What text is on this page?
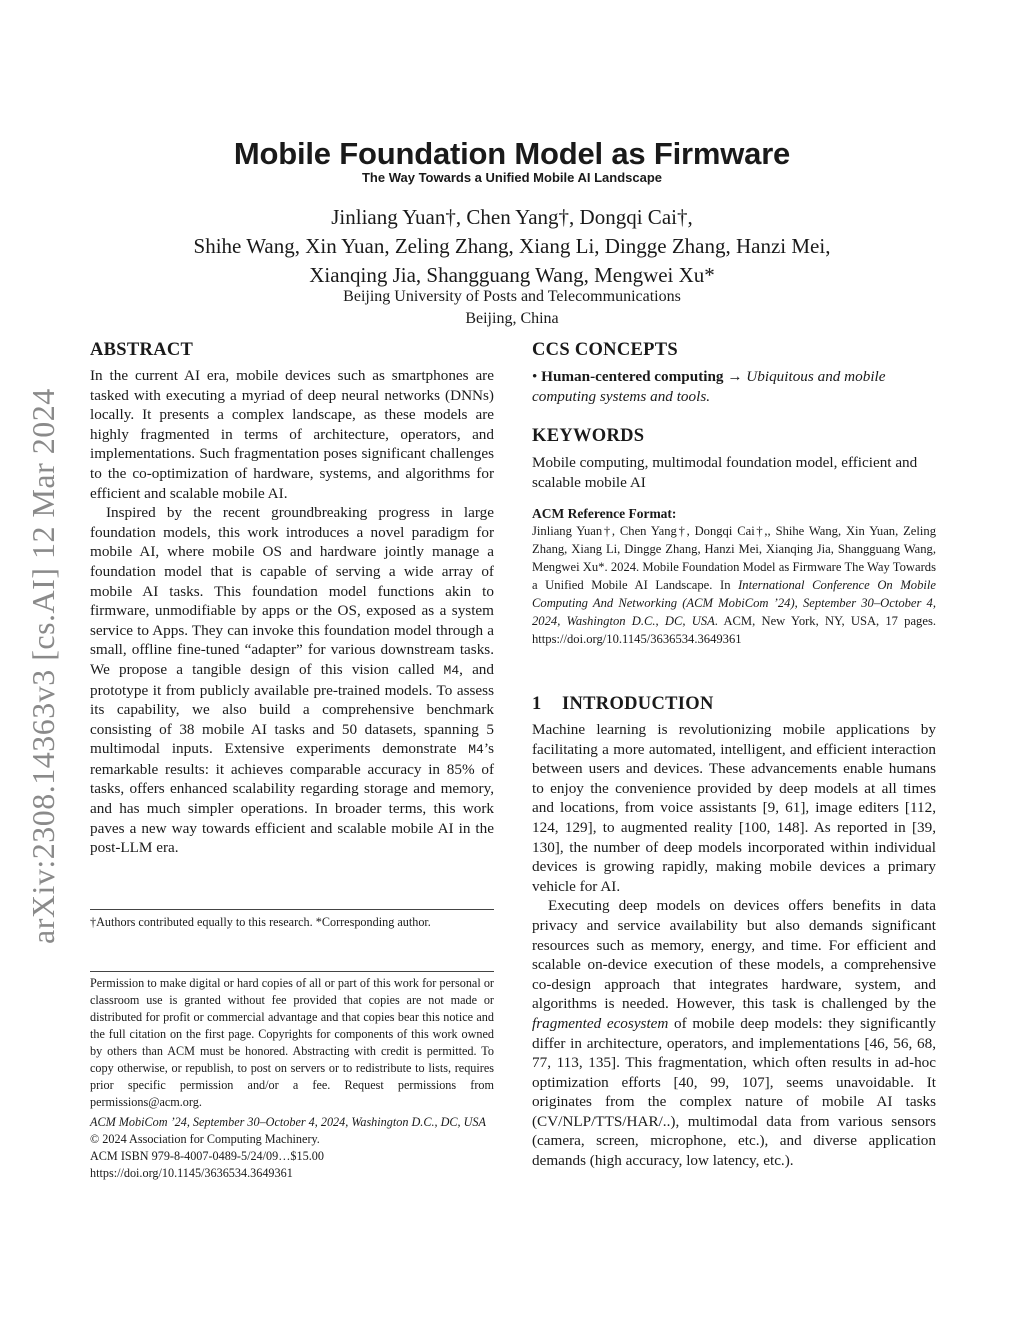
arXiv:2308.14363v3 [cs.AI] 12 Mar 2024
Mobile Foundation Model as Firmware
The Way Towards a Unified Mobile AI Landscape
Jinliang Yuan†, Chen Yang†, Dongqi Cai†,
Shihe Wang, Xin Yuan, Zeling Zhang, Xiang Li, Dingge Zhang, Hanzi Mei,
Xianqing Jia, Shangguang Wang, Mengwei Xu*
Beijing University of Posts and Telecommunications
Beijing, China
ABSTRACT

In the current AI era, mobile devices such as smartphones are tasked with executing a myriad of deep neural networks (DNNs) locally. It presents a complex landscape, as these models are highly fragmented in terms of architecture, operators, and implementations. Such fragmentation poses significant challenges to the co-optimization of hardware, systems, and algorithms for efficient and scalable mobile AI.

Inspired by the recent groundbreaking progress in large foundation models, this work introduces a novel paradigm for mobile AI, where mobile OS and hardware jointly manage a foundation model that is capable of serving a wide array of mobile AI tasks. This foundation model functions akin to firmware, unmodifiable by apps or the OS, exposed as a system service to Apps. They can invoke this foundation model through a small, offline fine-tuned “adapter” for various downstream tasks. We propose a tangible design of this vision called M4, and prototype it from publicly available pre-trained models. To assess its capability, we also build a comprehensive benchmark consisting of 38 mobile AI tasks and 50 datasets, spanning 5 multimodal inputs. Extensive experiments demonstrate M4’s remarkable results: it achieves comparable accuracy in 85% of tasks, offers enhanced scalability regarding storage and memory, and has much simpler operations. In broader terms, this work paves a new way towards efficient and scalable mobile AI in the post-LLM era.

†Authors contributed equally to this research. *Corresponding author.

Permission to make digital or hard copies of all or part of this work for personal or classroom use is granted without fee provided that copies are not made or distributed for profit or commercial advantage and that copies bear this notice and the full citation on the first page. Copyrights for components of this work owned by others than ACM must be honored. Abstracting with credit is permitted. To copy otherwise, or republish, to post on servers or to redistribute to lists, requires prior specific permission and/or a fee. Request permissions from permissions@acm.org.

ACM MobiCom ’24, September 30–October 4, 2024, Washington D.C., DC, USA

© 2024 Association for Computing Machinery.

ACM ISBN 979-8-4007-0489-5/24/09…$15.00

https://doi.org/10.1145/3636534.3649361

CCS CONCEPTS

• Human-centered computing → Ubiquitous and mobile computing systems and tools.

KEYWORDS

Mobile computing, multimodal foundation model, efficient and scalable mobile AI

ACM Reference Format:

Jinliang Yuan†, Chen Yang†, Dongqi Cai†,, Shihe Wang, Xin Yuan, Zeling Zhang, Xiang Li, Dingge Zhang, Hanzi Mei, Xianqing Jia, Shangguang Wang, Mengwei Xu*. 2024. Mobile Foundation Model as Firmware The Way Towards a Unified Mobile AI Landscape. In International Conference On Mobile Computing And Networking (ACM MobiCom ’24), September 30–October 4, 2024, Washington D.C., DC, USA. ACM, New York, NY, USA, 17 pages. https://doi.org/10.1145/3636534.3649361

1 INTRODUCTION

Machine learning is revolutionizing mobile applications by facilitating a more automated, intelligent, and efficient interaction between users and devices. These advancements enable humans to enjoy the convenience provided by deep models at all times and locations, from voice assistants [9, 61], image editers [112, 124, 129], to augmented reality [100, 148]. As reported in [39, 130], the number of deep models incorporated within individual devices is growing rapidly, making mobile devices a primary vehicle for AI.

Executing deep models on devices offers benefits in data privacy and service availability but also demands significant resources such as memory, energy, and time. For efficient and scalable on-device execution of these models, a comprehensive co-design approach that integrates hardware, system, and algorithms is needed. However, this task is challenged by the fragmented ecosystem of mobile deep models: they significantly differ in architecture, operators, and implementations [46, 56, 68, 77, 113, 135]. This fragmentation, which often results in ad-hoc optimization efforts [40, 99, 107], seems unavoidable. It originates from the complex nature of mobile AI tasks (CV/NLP/TTS/HAR/..), multimodal data from various sensors (camera, screen, microphone, etc.), and diverse application demands (high accuracy, low latency, etc.).
